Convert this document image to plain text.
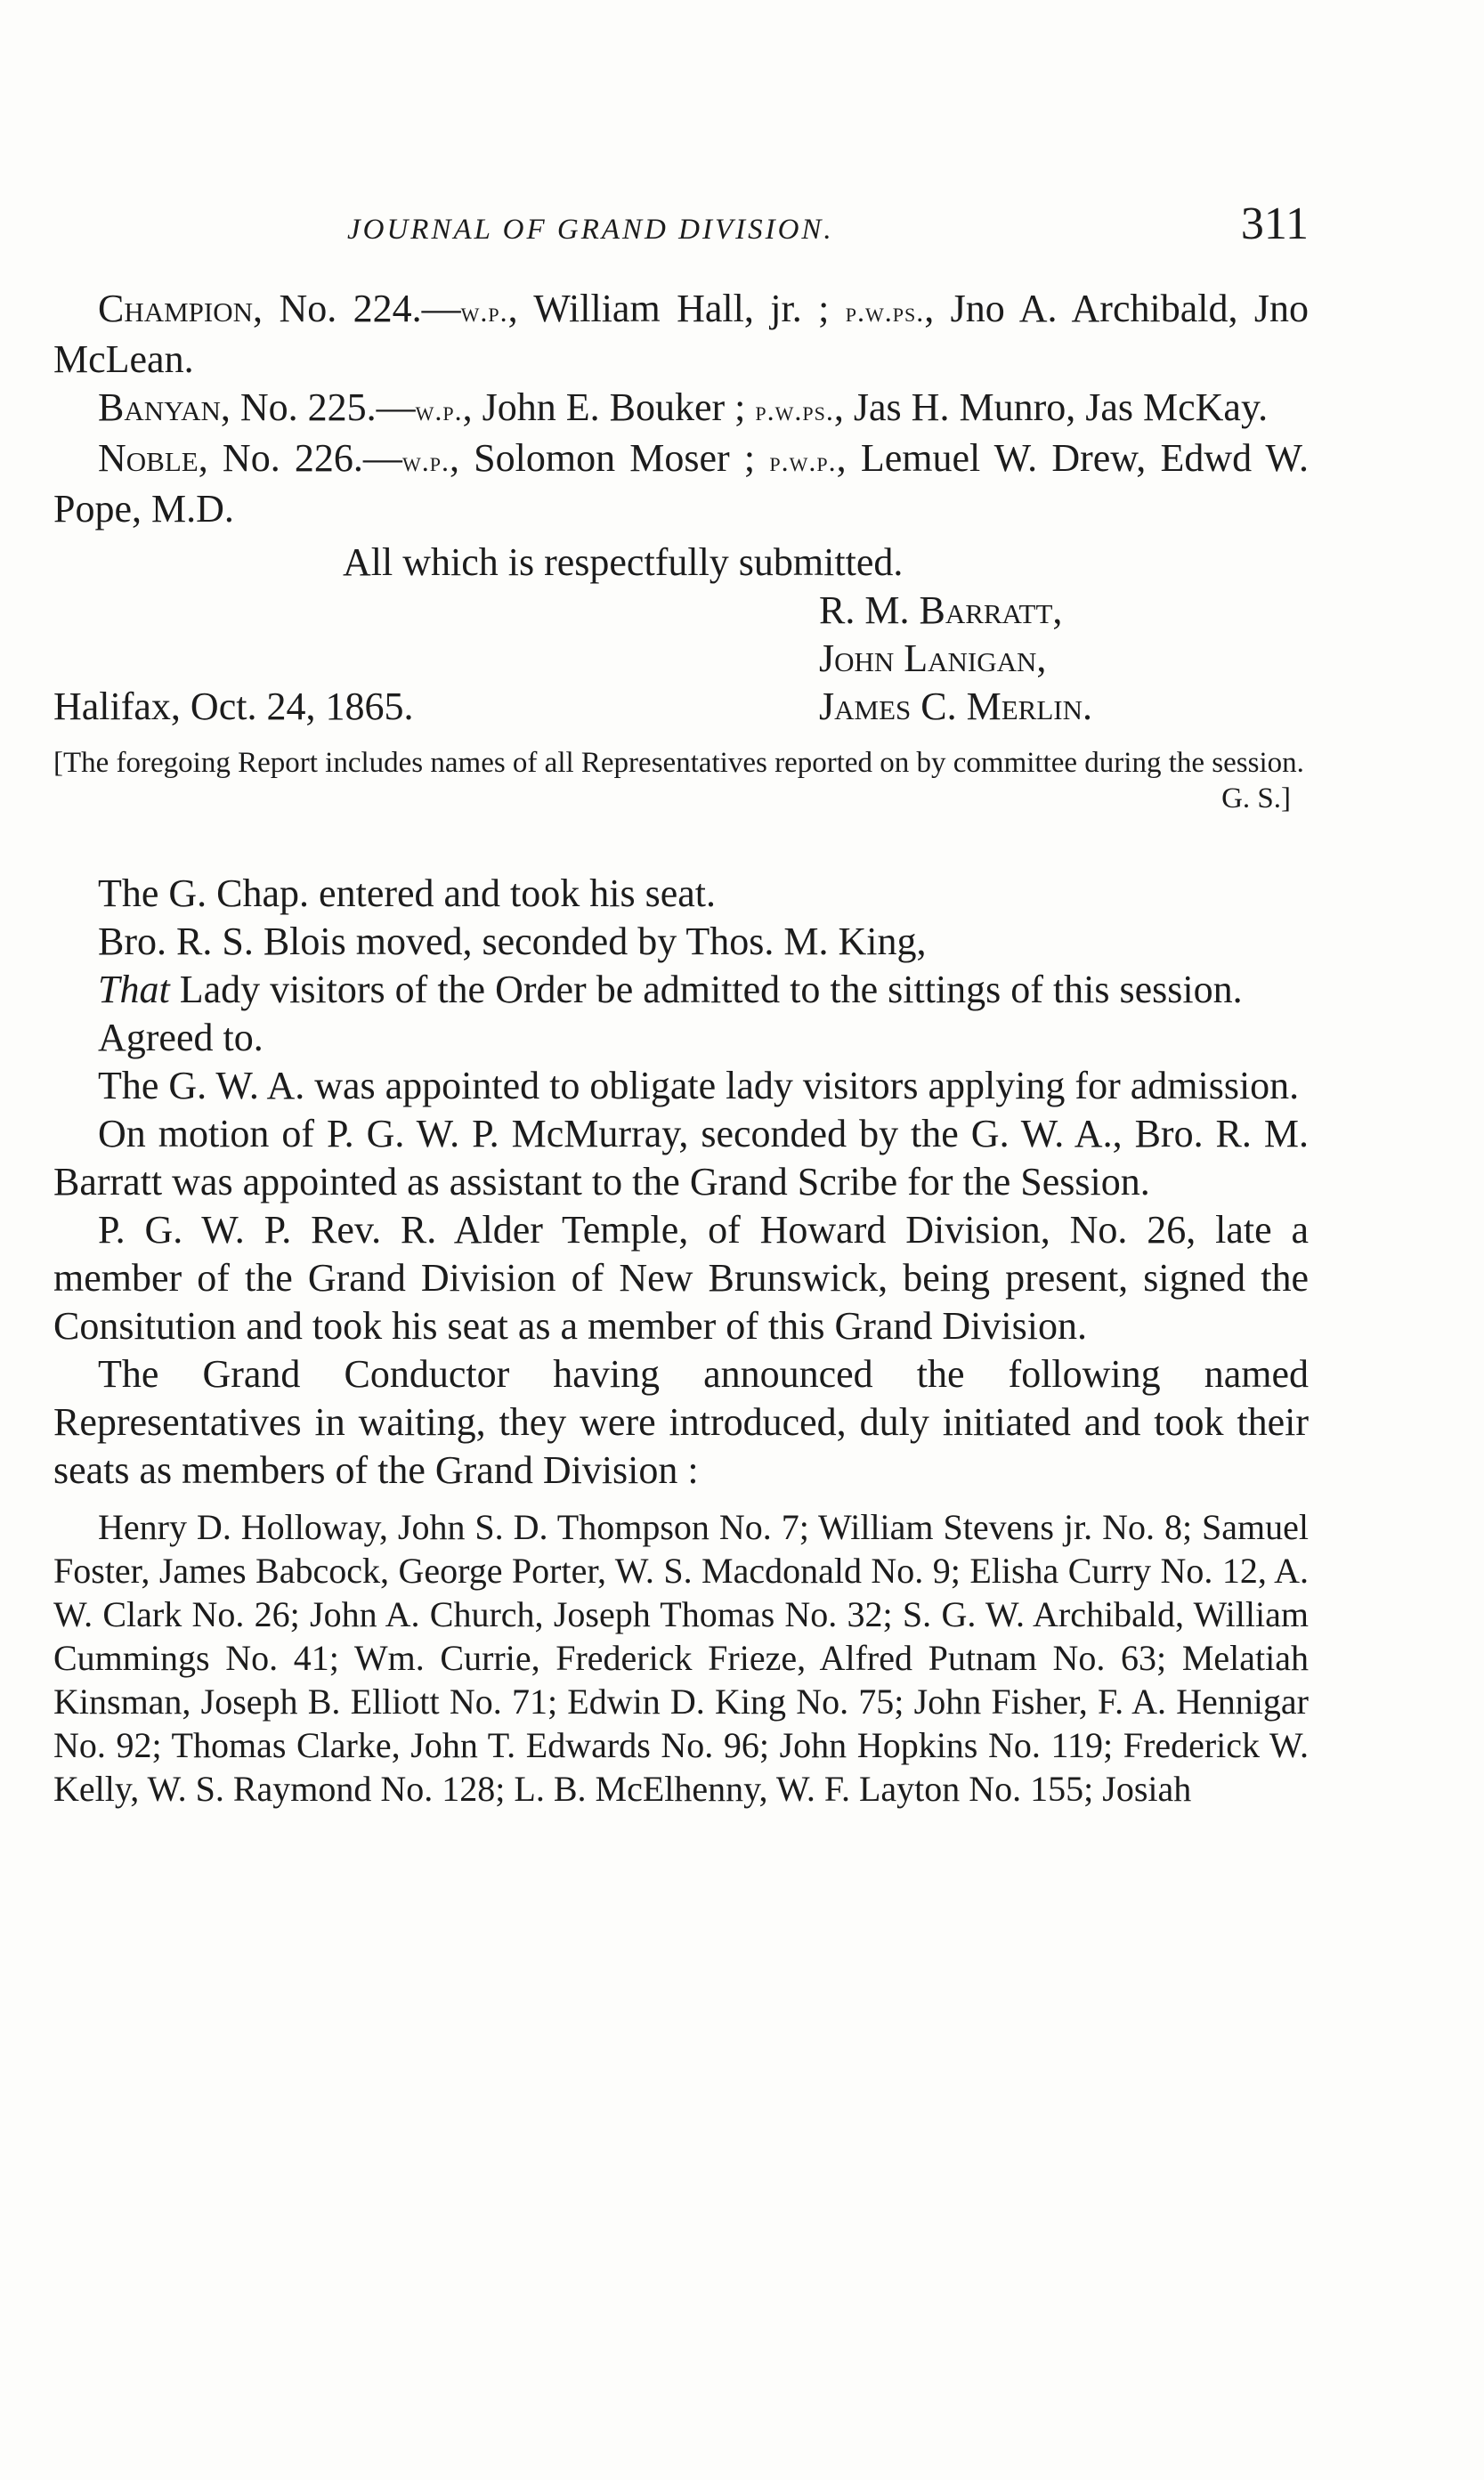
JOURNAL OF GRAND DIVISION.	311

Champion, No. 224.—w.p., William Hall, jr. ; p.w.ps., Jno A. Archibald, Jno McLean.

Banyan, No. 225.—w.p., John E. Bouker ; p.w.ps., Jas H. Munro, Jas McKay.

Noble, No. 226.—w.p., Solomon Moser ; p.w.p., Lemuel W. Drew, Edwd W. Pope, M.D.

All which is respectfully submitted.

R. M. Barratt,
John Lanigan,
Halifax, Oct. 24, 1865.	James C. Merlin.
[The foregoing Report includes names of all Representatives reported on by committee during the session.
G. S.]

The G. Chap. entered and took his seat.

Bro. R. S. Blois moved, seconded by Thos. M. King,

That Lady visitors of the Order be admitted to the sittings of this session.

Agreed to.

The G. W. A. was appointed to obligate lady visitors applying for admission.

On motion of P. G. W. P. McMurray, seconded by the G. W. A., Bro. R. M. Barratt was appointed as assistant to the Grand Scribe for the Session.

P. G. W. P. Rev. R. Alder Temple, of Howard Division, No. 26, late a member of the Grand Division of New Brunswick, being present, signed the Consitution and took his seat as a member of this Grand Division.

The Grand Conductor having announced the following named Representatives in waiting, they were introduced, duly initiated and took their seats as members of the Grand Division :

Henry D. Holloway, John S. D. Thompson No. 7; William Stevens jr. No. 8; Samuel Foster, James Babcock, George Porter, W. S. Macdonald No. 9; Elisha Curry No. 12, A. W. Clark No. 26; John A. Church, Joseph Thomas No. 32; S. G. W. Archibald, William Cummings No. 41; Wm. Currie, Frederick Frieze, Alfred Putnam No. 63; Melatiah Kinsman, Joseph B. Elliott No. 71; Edwin D. King No. 75; John Fisher, F. A. Hennigar No. 92; Thomas Clarke, John T. Edwards No. 96; John Hopkins No. 119; Frederick W. Kelly, W. S. Raymond No. 128; L. B. McElhenny, W. F. Layton No. 155; Josiah
